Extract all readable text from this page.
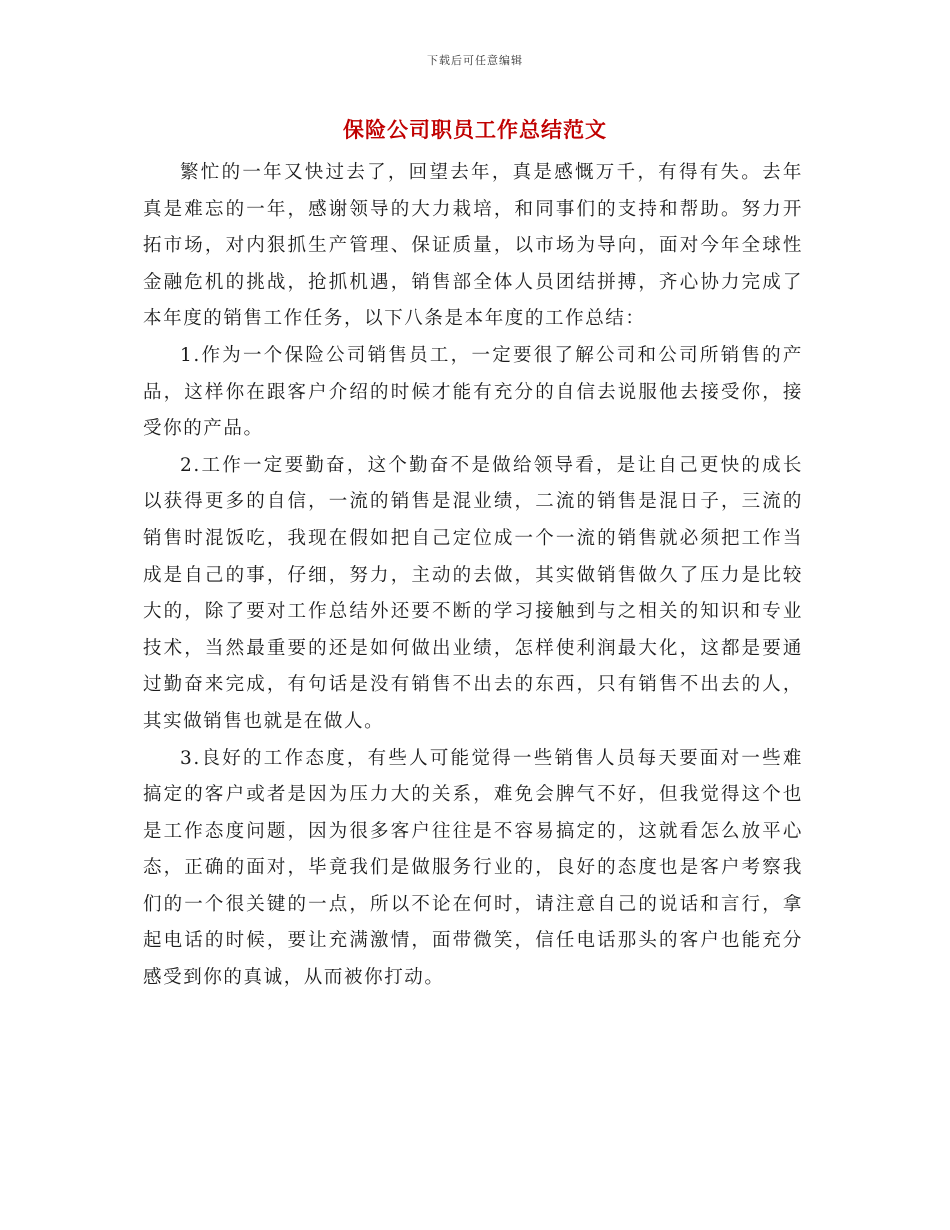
下载后可任意编辑
保险公司职员工作总结范文

繁忙的一年又快过去了，回望去年，真是感慨万千，有得有失。去年真是难忘的一年，感谢领导的大力栽培，和同事们的支持和帮助。努力开拓市场，对内狠抓生产管理、保证质量，以市场为导向，面对今年全球性金融危机的挑战，抢抓机遇，销售部全体人员团结拼搏，齐心协力完成了本年度的销售工作任务，以下八条是本年度的工作总结：

1.作为一个保险公司销售员工，一定要很了解公司和公司所销售的产品，这样你在跟客户介绍的时候才能有充分的自信去说服他去接受你，接受你的产品。

2.工作一定要勤奋，这个勤奋不是做给领导看，是让自己更快的成长以获得更多的自信，一流的销售是混业绩，二流的销售是混日子，三流的销售时混饭吃，我现在假如把自己定位成一个一流的销售就必须把工作当成是自己的事，仔细，努力，主动的去做，其实做销售做久了压力是比较大的，除了要对工作总结外还要不断的学习接触到与之相关的知识和专业技术，当然最重要的还是如何做出业绩，怎样使利润最大化，这都是要通过勤奋来完成，有句话是没有销售不出去的东西，只有销售不出去的人，其实做销售也就是在做人。

3.良好的工作态度，有些人可能觉得一些销售人员每天要面对一些难搞定的客户或者是因为压力大的关系，难免会脾气不好，但我觉得这个也是工作态度问题，因为很多客户往往是不容易搞定的，这就看怎么放平心态，正确的面对，毕竟我们是做服务行业的，良好的态度也是客户考察我们的一个很关键的一点，所以不论在何时，请注意自己的说话和言行，拿起电话的时候，要让充满激情，面带微笑，信任电话那头的客户也能充分感受到你的真诚，从而被你打动。
